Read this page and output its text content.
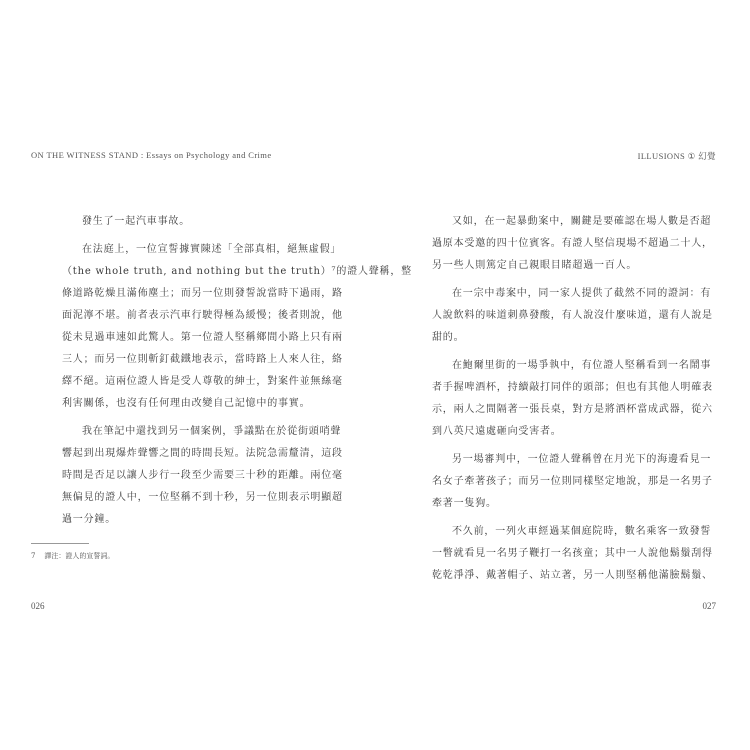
ON THE WITNESS STAND : Essays on Psychology and Crime	ILLUSIONS ① 幻覺
發生了一起汽車事故。
在法庭上，一位宣誓據實陳述「全部真相，絕無虛假」
（the whole truth, and nothing but the truth）⁷的證人聲稱，整
條道路乾燥且滿佈塵土；而另一位則發誓說當時下過雨，路
面泥濘不堪。前者表示汽車行駛得極為緩慢；後者則說，他
從未見過車速如此驚人。第一位證人堅稱鄉間小路上只有兩
三人；而另一位則斬釘截鐵地表示，當時路上人來人往，絡
繹不絕。這兩位證人皆是受人尊敬的紳士，對案件並無絲毫
利害關係，也沒有任何理由改變自己記憶中的事實。
我在筆記中還找到另一個案例，爭議點在於從街頭哨聲
響起到出現爆炸聲響之間的時間長短。法院急需釐清，這段
時間是否足以讓人步行一段至少需要三十秒的距離。兩位毫
無偏見的證人中，一位堅稱不到十秒，另一位則表示明顯超
過一分鐘。
7 譯注：證人的宣誓詞。
026
又如，在一起暴動案中，關鍵是要確認在場人數是否超
過原本受邀的四十位賓客。有證人堅信現場不超過二十人，
另一些人則篤定自己親眼目睹超過一百人。
在一宗中毒案中，同一家人提供了截然不同的證詞：有
人說飲料的味道刺鼻發酸，有人說沒什麼味道，還有人說是
甜的。
在鮑爾里街的一場爭執中，有位證人堅稱看到一名鬧事
者手握啤酒杯，持續敲打同伴的頭部；但也有其他人明確表
示，兩人之間隔著一張長桌，對方是將酒杯當成武器，從六
到八英尺遠處砸向受害者。
另一場審判中，一位證人聲稱曾在月光下的海邊看見一
名女子牽著孩子；而另一位則同樣堅定地說，那是一名男子
牽著一隻狗。
不久前，一列火車經過某個庭院時，數名乘客一致發誓
一瞥就看見一名男子鞭打一名孩童；其中一人說他鬍鬚刮得
乾乾淨淨、戴著帽子、站立著，另一人則堅稱他滿臉鬍鬚、
027
